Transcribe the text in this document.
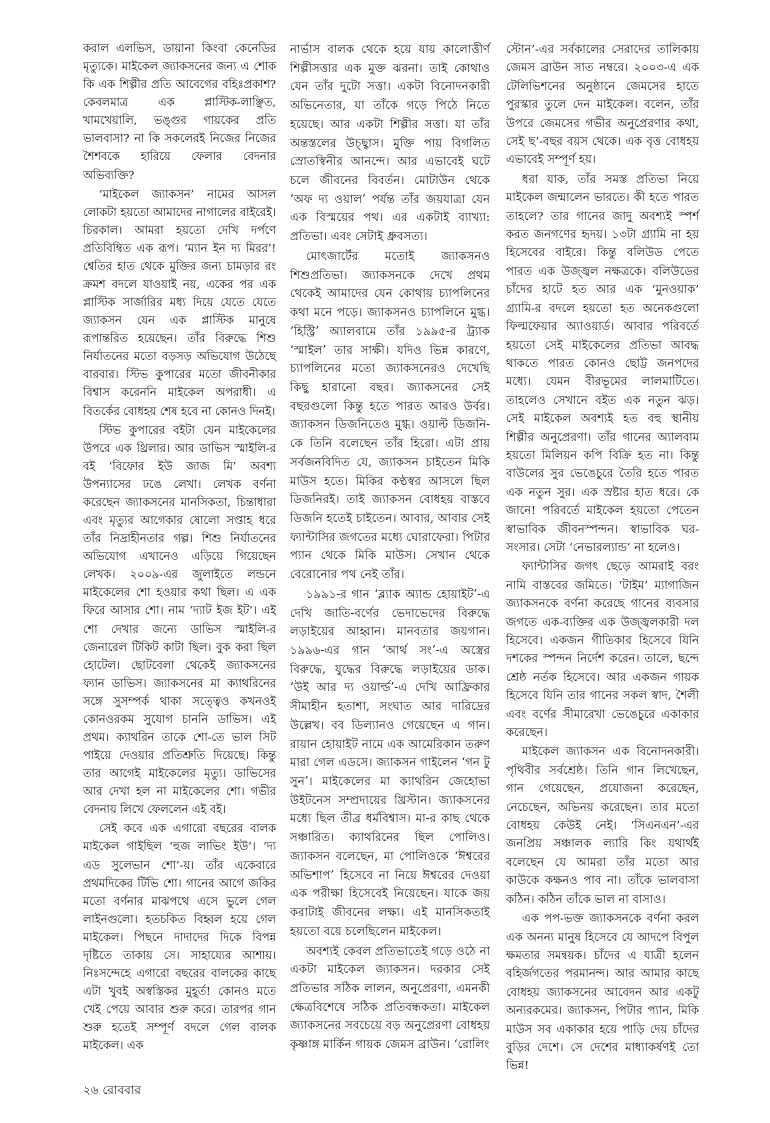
করাল এলভিস, ডায়ানা কিংবা কেনেডির মৃত্যুকে। মাইকেল জ্যাকসনের জন্য এ শোক কি এক শিল্পীর প্রতি আবেগের বহিঃপ্রকাশ? কেবলমাত্র এক প্লাস্টিক-লাঞ্ছিত, খামখেয়ালি, ভঙ্গুর গায়কের প্রতি ভালবাসা? না কি সকলেরই নিজের নিজের শৈশবকে হারিয়ে ফেলার বেদনার অভিব্যক্তি?

‘মাইকেল জ্যাকসন’ নামের আসল লোকটা হয়তো আমাদের নাগালের বাইরেই। চিরকাল। আমরা হয়তো দেখি দর্পণে প্রতিবিম্বিত এক রূপ। ‘ম্যান ইন দ্য মিরর’! শ্বেতির হাত থেকে মুক্তির জন্য চামড়ার রং ক্রমশ বদলে যাওয়াই নয়, একের পর এক প্লাস্টিক সার্জারির মধ্য দিয়ে যেতে যেতে জ্যাকসন যেন এক প্লাস্টিক মানুষে রূপান্তরিত হয়েছেন। তাঁর বিরুদ্ধে শিশু নির্যাতনের মতো বড়সড় অভিযোগ উঠেছে বারবার। স্টিভ কুপারের মতো জীবনীকার বিশ্বাস করেননি মাইকেল অপরাধী। এ বিতর্কের বোধহয় শেষ হবে না কোনও দিনই।

স্টিভ কুপারের বইটা যেন মাইকেলের উপরে এক থ্রিলার। আর ডাভিস স্মাইলি-র বই ‘বিফোর ইউ জাজ মি’ অবশ্য উপন্যাসের ঢঙে লেখা। লেখক বর্ণনা করেছেন জ্যাকসনের মানসিকতা, চিন্তাধারা এবং মৃত্যুর আগেকার ষোলো সপ্তাহ ধরে তাঁর নিদ্রাহীনতার গল্প। শিশু নির্যাতনের অভিযোগ এখানেও এড়িয়ে গিয়েছেন লেখক। ২০০৯-এর জুলাইতে লন্ডনে মাইকেলের শো হওয়ার কথা ছিল। এ এক ফিরে আসার শো। নাম ‘দ্যাট ইজ ইট’। এই শো দেখার জন্যে ডাভিস স্মাইলি-র জেনারেল টিকিট কাটা ছিল। বুক করা ছিল হোটেল। ছোটবেলা থেকেই জ্যাকসনের ফ্যান ডাভিস। জ্যাকসনের মা ক্যাথরিনের সঙ্গে সুসম্পর্ক থাকা সত্ত্বেও কখনওই কোনওরকম সুযোগ চাননি ডাভিস। এই প্রথম। ক্যাথরিন তাকে শো-তে ভাল সিট পাইয়ে দেওয়ার প্রতিশ্রুতি দিয়েছে। কিন্তু তার আগেই মাইকেলের মৃত্যু। ডাভিসের আর দেখা হল না মাইকেলের শো। গভীর বেদনায় লিখে ফেললেন এই বই।

সেই কবে এক এগারো বছরের বালক মাইকেল গাইছিল ‘হুজ লাভিং ইউ’। ‘দ্য এড সুলেভান শো’-য়। তাঁর একেবারে প্রথমদিকের টিভি শো। গানের আগে জকির মতো বর্ণনার মাঝপথে এসে ভুলে গেল লাইনগুলো। হতচকিত বিহ্বল হয়ে গেল মাইকেল। পিছনে দাদাদের দিকে বিপন্ন দৃষ্টিতে তাকায় সে। সাহায্যের আশায়। নিঃসন্দেহে এগারো বছরের বালকের কাছে এটা খুবই অস্বস্তিকর মুহূর্ত! কোনও মতে খেই পেয়ে আবার শুরু করে। তারপর গান শুরু হতেই সম্পূর্ণ বদলে গেল বালক মাইকেল। এক

নার্ভাস বালক থেকে হয়ে যায় কালোত্তীর্ণ শিল্পীসত্তার এক মুক্ত ঝরনা। তাই কোথাও যেন তাঁর দুটো সত্তা। একটা বিনোদনকারী অভিনেতার, যা তাঁকে গড়ে পিঠে নিতে হয়েছে। আর একটা শিল্পীর সত্তা। যা তাঁর অন্তস্তলের উচ্ছ্বাস। মুক্তি পায় বিগলিত স্রোতস্বিনীর আনন্দে। আর এভাবেই ঘটে চলে জীবনের বিবর্তন। মোটাউন থেকে ‘অফ দ্য ওয়াল’ পর্যন্ত তাঁর জয়যাত্রা যেন এক বিস্ময়ের পথ। এর একটাই ব্যাখ্যা: প্রতিভা। এবং সেটাই ধ্রুবসত্য।

মোৎজার্টের মতোই জ্যাকসনও শিশুপ্রতিভা। জ্যাকসনকে দেখে প্রথম থেকেই আমাদের যেন কোথায় চ্যাপলিনের কথা মনে পড়ে। জ্যাকসনও চ্যাপলিনে মুগ্ধ। ‘হিস্ট্রি’ অ্যালবামে তাঁর ১৯৯৫-র ট্র্যাক ‘স্মাইল’ তার সাক্ষী। যদিও ভিন্ন কারণে, চ্যাপলিনের মতো জ্যাকসনেরও দেখেছি কিছু হারানো বছর। জ্যাকসনের সেই বছরগুলো কিন্তু হতে পারত আরও উর্বর। জ্যাকসন ডিজনিতেও মুগ্ধ। ওয়াল্ট ডিজনি-কে তিনি বলেছেন তাঁর হিরো। এটা প্রায় সর্বজনবিদিত যে, জ্যাকসন চাইতেন মিকি মাউস হতে। মিকির কণ্ঠস্বর আসলে ছিল ডিজনিরই। তাই জ্যাকসন বোধহয় বাস্তবে ডিজনি হতেই চাইতেন। আবার, আবার সেই ফ্যান্টাসির জগতের মধ্যে ঘোরাফেরা। পিটার প্যান থেকে মিকি মাউস। সেখান থেকে বেরোনোর পথ নেই তাঁর।

১৯৯১-র গান ‘ব্ল্যাক অ্যান্ড হোয়াইট’-এ দেখি জাতি-বর্ণের ভেদাভেদের বিরুদ্ধে লড়াইয়ের আহ্বান। মানবতার জয়গান। ১৯৯৬-এর গান ‘আর্থ সং’-এ অস্ত্রের বিরুদ্ধে, যুদ্ধের বিরুদ্ধে লড়াইয়ের ডাক। ‘উই আর দ্য ওয়ার্ল্ড’-এ দেখি আফ্রিকার সীমাহীন হতাশা, সংঘাত আর দারিদ্রের উল্লেখ। বব ডিল্যানও গেয়েছেন এ গান। রায়ান হোয়াইট নামে এক আমেরিকান তরুণ মারা গেল এডসে। জ্যাকসন গাইলেন ‘গন টু সুন’। মাইকেলের মা ক্যাথরিন জেহোভা উইটনেস সম্প্রদায়ের খ্রিস্টান। জ্যাকসনের মধ্যে ছিল তীব্র ধর্মবিশ্বাস। মা-র কাছ থেকে সঞ্চারিত। ক্যাথরিনের ছিল পোলিও। জ্যাকসন বলেছেন, মা পোলিওকে ‘ঈশ্বরের অভিশাপ’ হিসেবে না নিয়ে ঈশ্বরের দেওয়া এক পরীক্ষা হিসেবেই নিয়েছেন। যাকে জয় করাটাই জীবনের লক্ষ্য। এই মানসিকতাই হয়তো বয়ে চলেছিলেন মাইকেল।

অবশ্যই কেবল প্রতিভাতেই গড়ে ওঠে না একটা মাইকেল জ্যাকসন। দরকার সেই প্রতিভার সঠিক লালন, অনুপ্রেরণা, এমনকী ক্ষেত্রবিশেষে সঠিক প্রতিবন্ধকতা। মাইকেল জ্যাকসনের সবচেয়ে বড় অনুপ্রেরণা বোধহয় কৃষ্ণাঙ্গ মার্কিন গায়ক জেমস ব্রাউন। ‘রোলিং

স্টোন’-এর সর্বকালের সেরাদের তালিকায় জেমস ব্রাউন সাত নম্বরে। ২০০৩-এ এক টেলিভিশনের অনুষ্ঠানে জেমসের হাতে পুরস্কার তুলে দেন মাইকেল। বলেন, তাঁর উপরে জেমসের গভীর অনুপ্রেরণার কথা, সেই ছ’-বছর বয়স থেকে। এক বৃত্ত বোধহয় এভাবেই সম্পূর্ণ হয়।

ধরা যাক, তাঁর সমস্ত প্রতিভা নিয়ে মাইকেল জন্মালেন ভারতে। কী হতে পারত তাহলে? তার গানের জাদু অবশ্যই স্পর্শ করত জনগণের হৃদয়। ১৩টা গ্র্যামি না হয় হিসেবের বাইরে। কিন্তু বলিউড পেতে পারত এক উজ্জ্বল নক্ষত্রকে। বলিউডের চাঁদের হাটে হত আর এক ‘মুনওয়াক’ গ্র্যামি-র বদলে হয়তো হত অনেকগুলো ফিল্মফেয়ার অ্যাওয়ার্ড। আবার পরিবর্তে হয়তো সেই মাইকেলের প্রতিভা আবদ্ধ থাকতে পারত কোনও ছোট্ট জনপদের মধ্যে। যেমন বীরভূমের লালমাটিতে। তাহলেও সেখানে বইত এক নতুন ঝড়। সেই মাইকেল অবশ্যই হত বহু স্থানীয় শিল্পীর অনুপ্রেরণা। তাঁর গানের অ্যালবাম হয়তো মিলিয়ন কপি বিক্রি হত না। কিন্তু বাউলের সুর ভেঙেচুরে তৈরি হতে পারত এক নতুন সুর। এক স্রষ্টার হাত ধরে। কে জানে! পরিবর্তে মাইকেল হয়তো পেতেন স্বাভাবিক জীবনস্পন্দন। স্বাভাবিক ঘর-সংসার। সেটা ‘নেভারল্যান্ড’ না হলেও।

ফ্যান্টাসির জগৎ ছেড়ে আমরাই বরং নামি বাস্তবের জমিতে। ‘টাইম’ ম্যাগাজিন জ্যাকসনকে বর্ণনা করেছে গানের ব্যবসার জগতে এক-ব্যক্তির এক উজ্জ্বলকারী দল হিসেবে। একজন গীতিকার হিসেবে যিনি দশকের স্পন্দন নির্দেশ করেন। তালে, ছন্দে শ্রেষ্ঠ নর্তক হিসেবে। আর একজন গায়ক হিসেবে যিনি তার গানের সকল স্বাদ, শৈলী এবং বর্ণের সীমারেখা ভেঙেচুরে একাকার করেছেন।

মাইকেল জ্যাকসন এক বিনোদনকারী। পৃথিবীর সর্বশ্রেষ্ঠ। তিনি গান লিখেছেন, গান গেয়েছেন, প্রযোজনা করেছেন, নেচেছেন, অভিনয় করেছেন। তার মতো বোধহয় কেউই নেই। ‘সিএনএন’-এর জনপ্রিয় সঞ্চালক ল্যারি কিং যথার্থই বলেছেন যে আমরা তাঁর মতো আর কাউকে কক্ষনও পাব না। তাঁকে ভালবাসা কঠিন। কঠিন তাঁকে ভাল না বাসাও।

এক পপ-ভক্ত জ্যাকসনকে বর্ণনা করল এক অনন্য মানুষ হিসেবে যে আদপে বিপুল ক্ষমতার সমন্বয়ক। চাঁদের এ যাত্রী হলেন বহির্জগতের পরমানন্দ। আর আমার কাছে বোধহয় জ্যাকসনের আবেদন আর একটু অন্যরকমের। জ্যাকসন, পিটার প্যান, মিকি মাউস সব একাকার হয়ে পাড়ি দেয় চাঁদের বুড়ির দেশে। সে দেশের মাধ্যাকর্ষণই তো ভিন্ন!

২৬ রোববার
